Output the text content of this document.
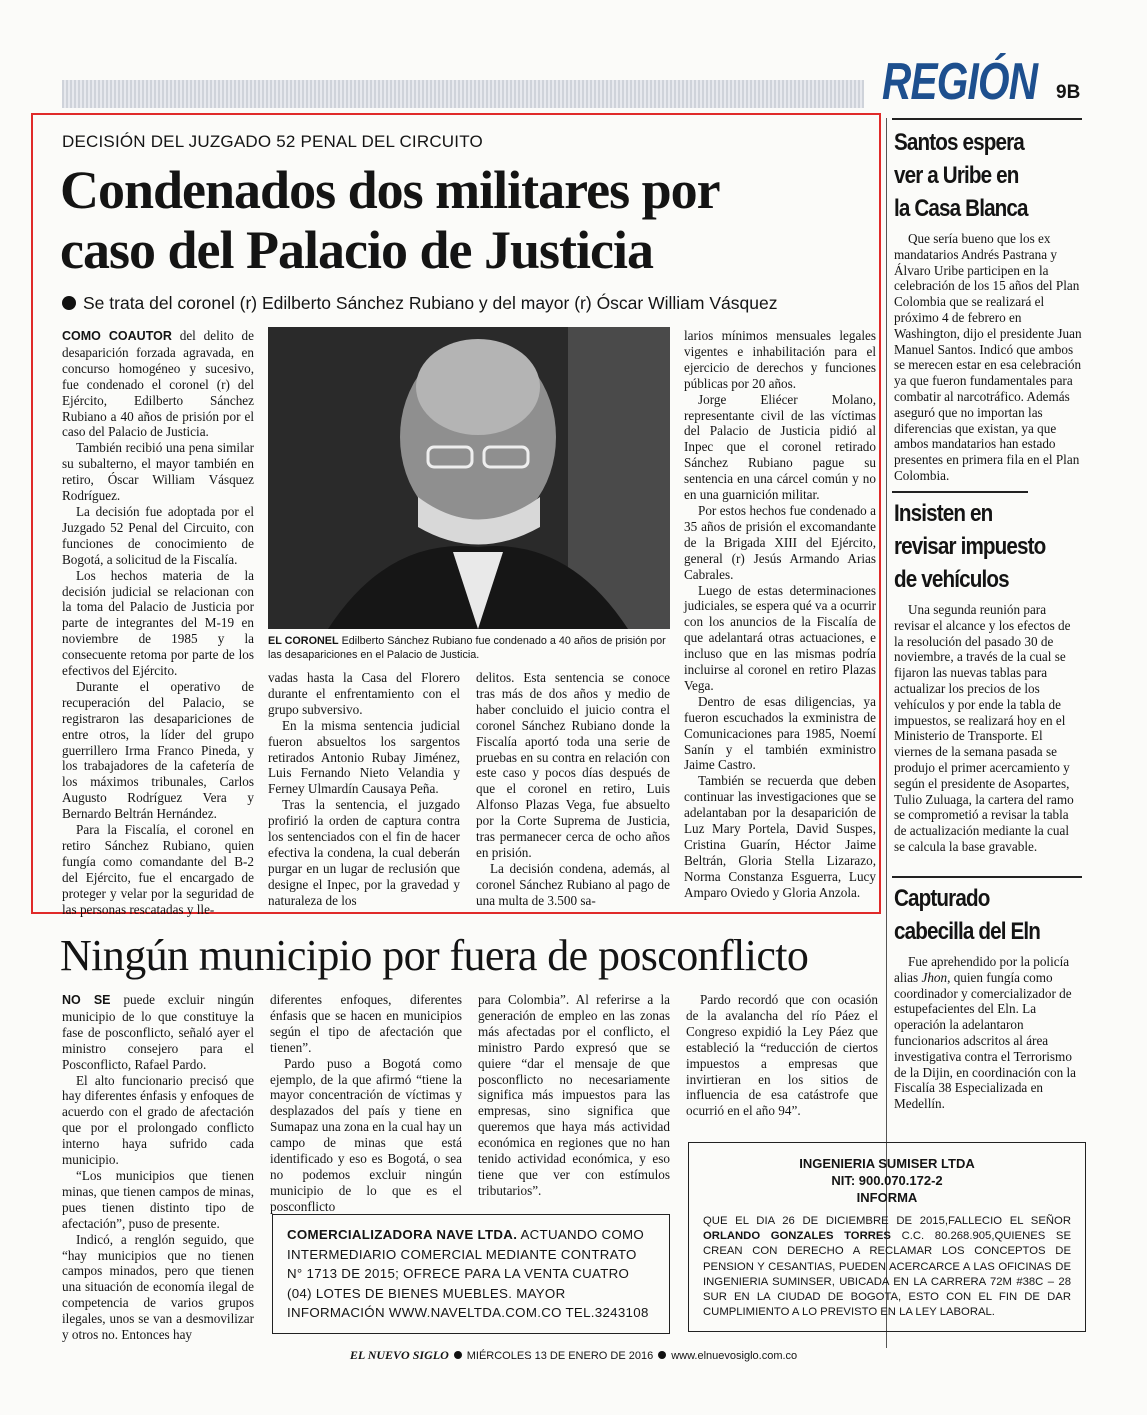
REGIÓN 9B
DECISIÓN DEL JUZGADO 52 PENAL DEL CIRCUITO
Condenados dos militares por
caso del Palacio de Justicia
Se trata del coronel (r) Edilberto Sánchez Rubiano y del mayor (r) Óscar William Vásquez

COMO COAUTOR del delito de desaparición forzada agravada, en concurso homogéneo y sucesivo, fue condenado el coronel (r) del Ejército, Edilberto Sánchez Rubiano a 40 años de prisión por el caso del Palacio de Justicia.

También recibió una pena similar su subalterno, el mayor también en retiro, Óscar William Vásquez Rodríguez.

La decisión fue adoptada por el Juzgado 52 Penal del Circuito, con funciones de conocimiento de Bogotá, a solicitud de la Fiscalía.

Los hechos materia de la decisión judicial se relacionan con la toma del Palacio de Justicia por parte de integrantes del M-19 en noviembre de 1985 y la consecuente retoma por parte de los efectivos del Ejército.

Durante el operativo de recuperación del Palacio, se registraron las desapariciones de entre otros, la líder del grupo guerrillero Irma Franco Pineda, y los trabajadores de la cafetería de los máximos tribunales, Carlos Augusto Rodríguez Vera y Bernardo Beltrán Hernández.

Para la Fiscalía, el coronel en retiro Sánchez Rubiano, quien fungía como comandante del B-2 del Ejército, fue el encargado de proteger y velar por la seguridad de las personas rescatadas y lle-

EL CORONEL Edilberto Sánchez Rubiano fue condenado a 40 años de prisión por las desapariciones en el Palacio de Justicia.

vadas hasta la Casa del Florero durante el enfrentamiento con el grupo subversivo.

En la misma sentencia judicial fueron absueltos los sargentos retirados Antonio Rubay Jiménez, Luis Fernando Nieto Velandia y Ferney Ulmardín Causaya Peña.

Tras la sentencia, el juzgado profirió la orden de captura contra los sentenciados con el fin de hacer efectiva la condena, la cual deberán purgar en un lugar de reclusión que designe el Inpec, por la gravedad y naturaleza de los

delitos. Esta sentencia se conoce tras más de dos años y medio de haber concluido el juicio contra el coronel Sánchez Rubiano donde la Fiscalía aportó toda una serie de pruebas en su contra en relación con este caso y pocos días después de que el coronel en retiro, Luis Alfonso Plazas Vega, fue absuelto por la Corte Suprema de Justicia, tras permanecer cerca de ocho años en prisión.

La decisión condena, además, al coronel Sánchez Rubiano al pago de una multa de 3.500 sa-

larios mínimos mensuales legales vigentes e inhabilitación para el ejercicio de derechos y funciones públicas por 20 años.

Jorge Eliécer Molano, representante civil de las víctimas del Palacio de Justicia pidió al Inpec que el coronel retirado Sánchez Rubiano pague su sentencia en una cárcel común y no en una guarnición militar.

Por estos hechos fue condenado a 35 años de prisión el excomandante de la Brigada XIII del Ejército, general (r) Jesús Armando Arias Cabrales.

Luego de estas determinaciones judiciales, se espera qué va a ocurrir con los anuncios de la Fiscalía de que adelantará otras actuaciones, e incluso que en las mismas podría incluirse al coronel en retiro Plazas Vega.

Dentro de esas diligencias, ya fueron escuchados la exministra de Comunicaciones para 1985, Noemí Sanín y el también exministro Jaime Castro.

También se recuerda que deben continuar las investigaciones que se adelantaban por la desaparición de Luz Mary Portela, David Suspes, Cristina Guarín, Héctor Jaime Beltrán, Gloria Stella Lizarazo, Norma Constanza Esguerra, Lucy Amparo Oviedo y Gloria Anzola.

Santos espera
ver a Uribe en
la Casa Blanca

Que sería bueno que los ex mandatarios Andrés Pastrana y Álvaro Uribe participen en la celebración de los 15 años del Plan Colombia que se realizará el próximo 4 de febrero en Washington, dijo el presidente Juan Manuel Santos. Indicó que ambos se merecen estar en esa celebración ya que fueron fundamentales para combatir al narcotráfico. Además aseguró que no importan las diferencias que existan, ya que ambos mandatarios han estado presentes en primera fila en el Plan Colombia.

Insisten en
revisar impuesto
de vehículos

Una segunda reunión para revisar el alcance y los efectos de la resolución del pasado 30 de noviembre, a través de la cual se fijaron las nuevas tablas para actualizar los precios de los vehículos y por ende la tabla de impuestos, se realizará hoy en el Ministerio de Transporte. El viernes de la semana pasada se produjo el primer acercamiento y según el presidente de Asopartes, Tulio Zuluaga, la cartera del ramo se comprometió a revisar la tabla de actualización mediante la cual se calcula la base gravable.

Capturado
cabecilla del Eln

Fue aprehendido por la policía alias Jhon, quien fungía como coordinador y comercializador de estupefacientes del Eln. La operación la adelantaron funcionarios adscritos al área investigativa contra el Terrorismo de la Dijin, en coordinación con la Fiscalía 38 Especializada en Medellín.

Ningún municipio por fuera de posconflicto

NO SE puede excluir ningún municipio de lo que constituye la fase de posconflicto, señaló ayer el ministro consejero para el Posconflicto, Rafael Pardo.

El alto funcionario precisó que hay diferentes énfasis y enfoques de acuerdo con el grado de afectación que por el prolongado conflicto interno haya sufrido cada municipio.

“Los municipios que tienen minas, que tienen campos de minas, pues tienen distinto tipo de afectación”, puso de presente.

Indicó, a renglón seguido, que “hay municipios que no tienen campos minados, pero que tienen una situación de economía ilegal de competencia de varios grupos ilegales, unos se van a desmovilizar y otros no. Entonces hay

diferentes enfoques, diferentes énfasis que se hacen en municipios según el tipo de afectación que tienen”.

Pardo puso a Bogotá como ejemplo, de la que afirmó “tiene la mayor concentración de víctimas y desplazados del país y tiene en Sumapaz una zona en la cual hay un campo de minas que está identificado y eso es Bogotá, o sea no podemos excluir ningún municipio de lo que es el posconflicto

para Colombia”. Al referirse a la generación de empleo en las zonas más afectadas por el conflicto, el ministro Pardo expresó que se quiere “dar el mensaje de que posconflicto no necesariamente significa más impuestos para las empresas, sino significa que queremos que haya más actividad económica en regiones que no han tenido actividad económica, y eso tiene que ver con estímulos tributarios”.

Pardo recordó que con ocasión de la avalancha del río Páez el Congreso expidió la Ley Páez que estableció la “reducción de ciertos impuestos a empresas que invirtieran en los sitios de influencia de esa catástrofe que ocurrió en el año 94”.

COMERCIALIZADORA NAVE LTDA. ACTUANDO COMO INTERMEDIARIO COMERCIAL MEDIANTE CONTRATO N° 1713 DE 2015; OFRECE PARA LA VENTA CUATRO (04) LOTES DE BIENES MUEBLES. MAYOR INFORMACIÓN WWW.NAVELTDA.COM.CO TEL.3243108
INGENIERIA SUMISER LTDA
NIT: 900.070.172-2
INFORMA
QUE EL DIA 26 DE DICIEMBRE DE 2015,FALLECIO EL SEÑOR ORLANDO GONZALES TORRES C.C. 80.268.905,QUIENES SE CREAN CON DERECHO A RECLAMAR LOS CONCEPTOS DE PENSION Y CESANTIAS, PUEDEN ACERCARCE A LAS OFICINAS DE INGENIERIA SUMINSER, UBICADA EN LA CARRERA 72M #38C – 28 SUR EN LA CIUDAD DE BOGOTA, ESTO CON EL FIN DE DAR CUMPLIMIENTO A LO PREVISTO EN LA LEY LABORAL.
EL NUEVO SIGLO MIÉRCOLES 13 DE ENERO DE 2016 www.elnuevosiglo.com.co
